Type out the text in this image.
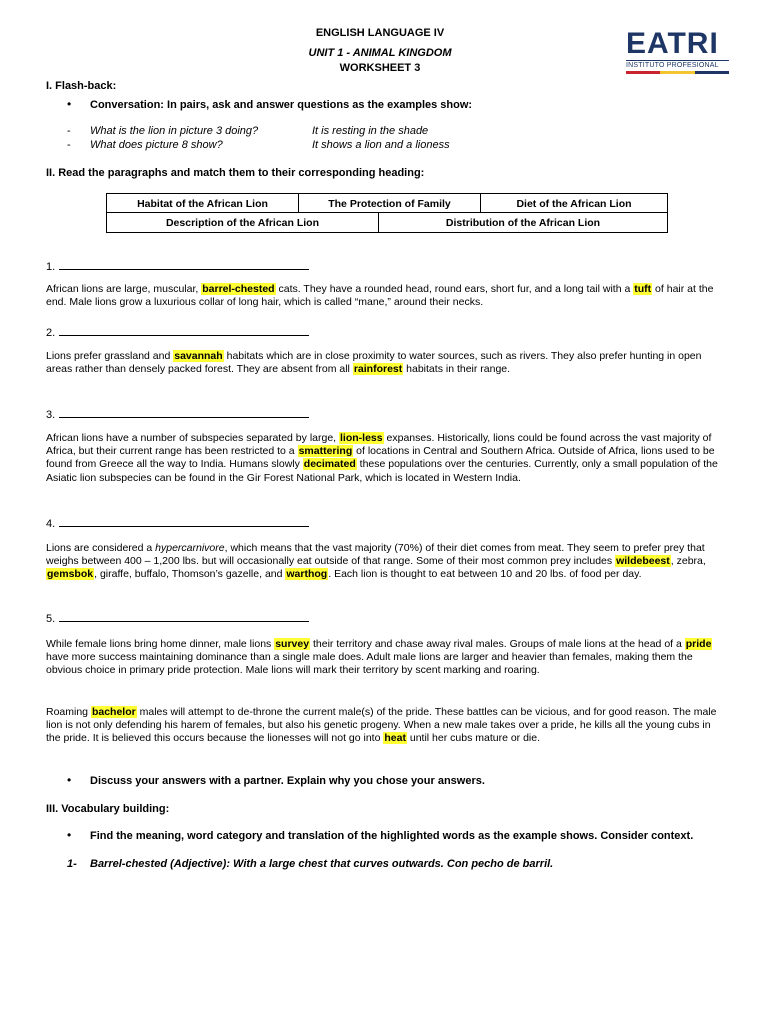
ENGLISH LANGUAGE IV
UNIT 1 - ANIMAL KINGDOM
WORKSHEET 3
EATRI
INSTITUTO PROFESIONAL
I. Flash-back:
• Conversation: In pairs, ask and answer questions as the examples show:
- What is the lion in picture 3 doing?	It is resting in the shade
- What does picture 8 show?	It shows a lion and a lioness
II. Read the paragraphs and match them to their corresponding heading:
Habitat of the African Lion	The Protection of Family	Diet of the African Lion
Description of the African Lion	Distribution of the African Lion
1.
African lions are large, muscular, barrel-chested cats. They have a rounded head, round ears, short fur, and a long tail with a tuft of hair at the end. Male lions grow a luxurious collar of long hair, which is called “mane,” around their necks.
2.
Lions prefer grassland and savannah habitats which are in close proximity to water sources, such as rivers. They also prefer hunting in open areas rather than densely packed forest. They are absent from all rainforest habitats in their range.
3.
African lions have a number of subspecies separated by large, lion-less expanses. Historically, lions could be found across the vast majority of Africa, but their current range has been restricted to a smattering of locations in Central and Southern Africa. Outside of Africa, lions used to be found from Greece all the way to India. Humans slowly decimated these populations over the centuries. Currently, only a small population of the Asiatic lion subspecies can be found in the Gir Forest National Park, which is located in Western India.
4.
Lions are considered a hypercarnivore, which means that the vast majority (70%) of their diet comes from meat. They seem to prefer prey that weighs between 400 – 1,200 lbs. but will occasionally eat outside of that range. Some of their most common prey includes wildebeest, zebra, gemsbok, giraffe, buffalo, Thomson’s gazelle, and warthog. Each lion is thought to eat between 10 and 20 lbs. of food per day.
5.
While female lions bring home dinner, male lions survey their territory and chase away rival males. Groups of male lions at the head of a pride have more success maintaining dominance than a single male does. Adult male lions are larger and heavier than females, making them the obvious choice in primary pride protection. Male lions will mark their territory by scent marking and roaring.
Roaming bachelor males will attempt to de-throne the current male(s) of the pride. These battles can be vicious, and for good reason. The male lion is not only defending his harem of females, but also his genetic progeny. When a new male takes over a pride, he kills all the young cubs in the pride. It is believed this occurs because the lionesses will not go into heat until her cubs mature or die.
• Discuss your answers with a partner. Explain why you chose your answers.
III. Vocabulary building:
• Find the meaning, word category and translation of the highlighted words as the example shows. Consider context.
1- Barrel-chested (Adjective): With a large chest that curves outwards. Con pecho de barril.
